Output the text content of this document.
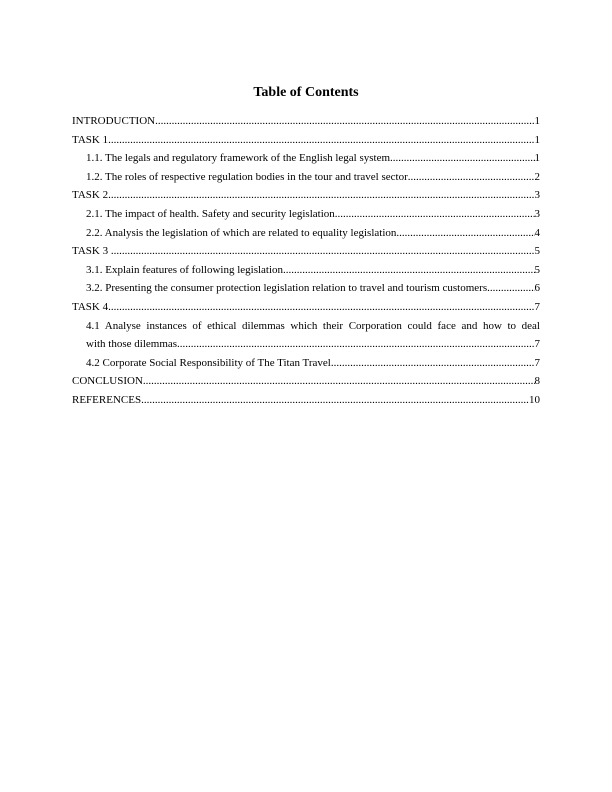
Table of Contents
INTRODUCTION .....	1
TASK 1 .....	1
1.1. The legals and regulatory framework of the English legal system .....	1
1.2. The roles of respective regulation bodies in the tour and travel sector .....	2
TASK 2 .....	3
2.1. The impact of health. Safety and security legislation. .....	3
2.2. Analysis the legislation of which are related to equality legislation. .....	4
TASK 3 .....	5
3.1. Explain features of following legislation .....	5
3.2. Presenting the consumer protection legislation relation to travel and tourism customers .....	6
TASK 4 .....	7
4.1 Analyse instances of ethical dilemmas which their Corporation could face and how to deal
with those dilemmas .....	7
4.2 Corporate Social Responsibility of The Titan Travel .....	7
CONCLUSION .....	8
REFERENCES .....	10
